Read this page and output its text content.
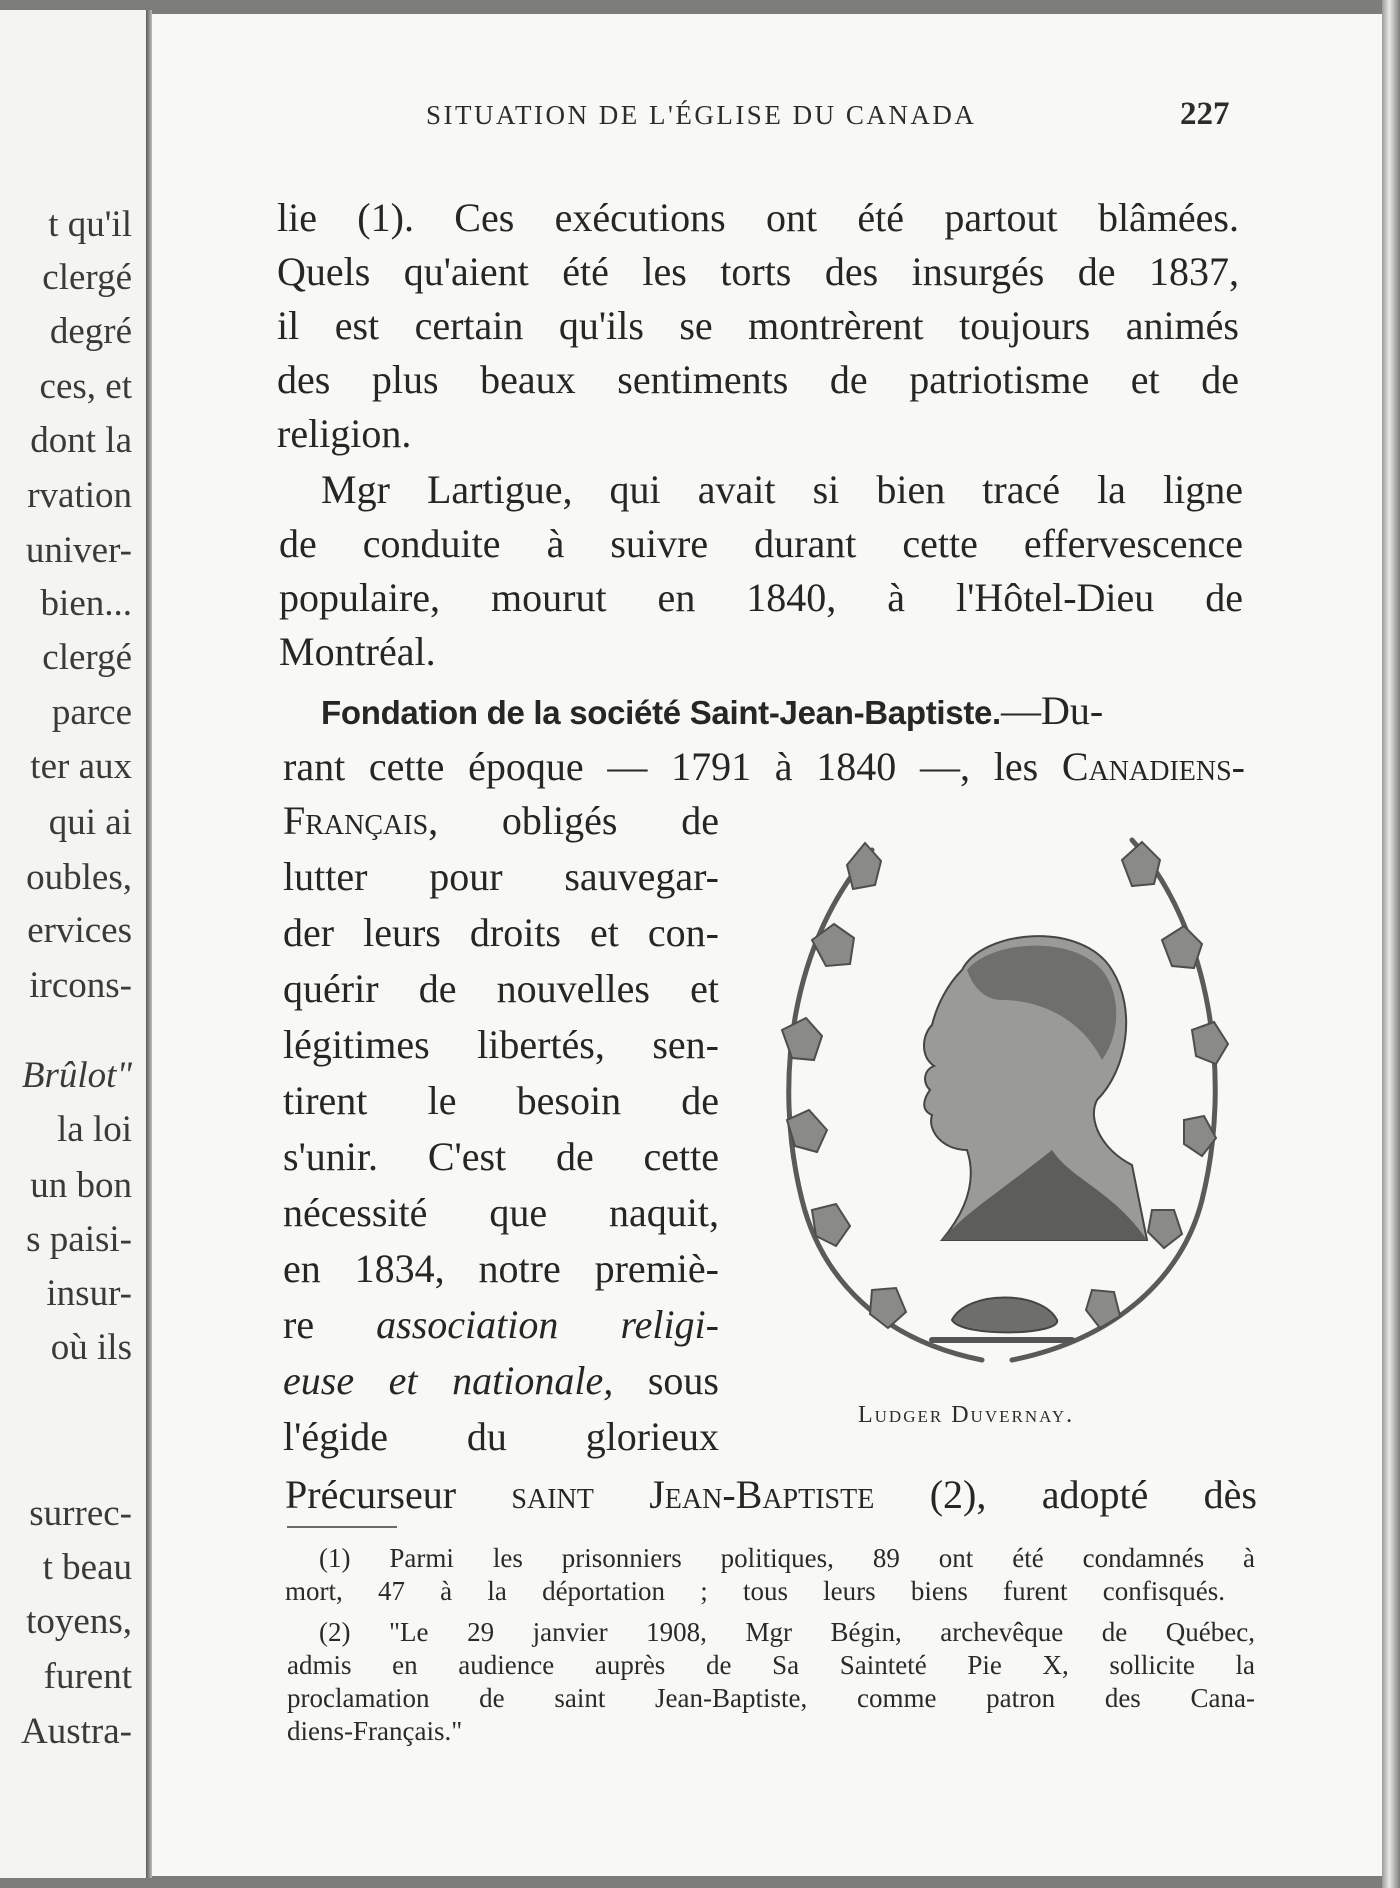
t qu'il
clergé
degré
ces, et
dont la
rvation
univer-
bien...
clergé
parce
ter aux
qui ai
oubles,
ervices
ircons-
Brûlot"
la loi
un bon
s paisi-
insur-
où ils
surrec-
t beau
toyens,
furent
Austra-
SITUATION DE L'ÉGLISE DU CANADA	227
lie (1). Ces exécutions ont été partout blâmées.
Quels qu'aient été les torts des insurgés de 1837,
il est certain qu'ils se montrèrent toujours animés
des plus beaux sentiments de patriotisme et de
religion.
Mgr Lartigue, qui avait si bien tracé la ligne
de conduite à suivre durant cette effervescence
populaire, mourut en 1840, à l'Hôtel-Dieu de
Montréal.
Fondation de la société Saint-Jean-Baptiste.—Du-
rant cette époque — 1791 à 1840 —, les Canadiens-
Français, obligés de
lutter pour sauvegar-
der leurs droits et con-
quérir de nouvelles et
légitimes libertés, sen-
tirent le besoin de
s'unir. C'est de cette
nécessité que naquit,
en 1834, notre premiè-
re association religi-
euse et nationale, sous
l'égide du glorieux
Précurseur saint Jean-Baptiste (2), adopté dès
Ludger Duvernay.
(1) Parmi les prisonniers politiques, 89 ont été condamnés à
mort, 47 à la déportation ; tous leurs biens furent confisqués.
(2) "Le 29 janvier 1908, Mgr Bégin, archevêque de Québec,
admis en audience auprès de Sa Sainteté Pie X, sollicite la
proclamation de saint Jean-Baptiste, comme patron des Cana-
diens-Français."
